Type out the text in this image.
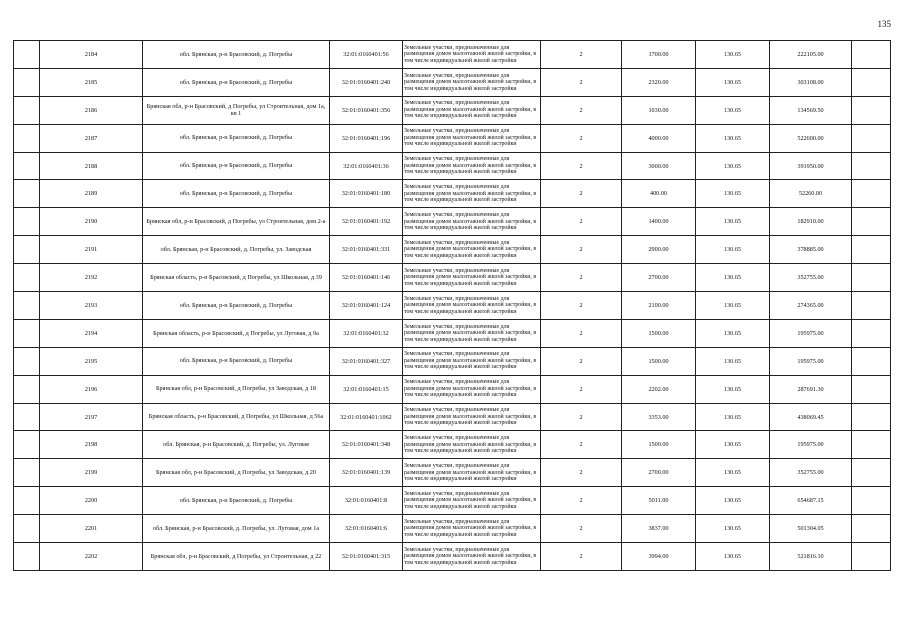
135
	2184	обл. Брянская, р-н Брасовский, д. Погребы	32:01:0160401:56	Земельные участки, предназначенные для размещения домов малоэтажной жилой застройки, в том числе индивидуальной жилой застройки	2	1700.00	130.65	222105.00	
	2185	обл. Брянская, р-н Брасовский, д. Погребы	32:01:0160401:240	Земельные участки, предназначенные для размещения домов малоэтажной жилой застройки, в том числе индивидуальной жилой застройки	2	2320.00	130.65	303108.00	
	2186	Брянская обл, р-н Брасовский, д Погребы, ул Строительная, дом 1а, кв 1	32:01:0160401:356	Земельные участки, предназначенные для размещения домов малоэтажной жилой застройки, в том числе индивидуальной жилой застройки	2	1030.00	130.65	134569.50	
	2187	обл. Брянская, р-н Брасовский, д. Погребы	32:01:0160401:196	Земельные участки, предназначенные для размещения домов малоэтажной жилой застройки, в том числе индивидуальной жилой застройки	2	4000.00	130.65	522600.00	
	2188	обл. Брянская, р-н Брасовский, д. Погребы	32:01:0160401:36	Земельные участки, предназначенные для размещения домов малоэтажной жилой застройки, в том числе индивидуальной жилой застройки	2	3000.00	130.65	391950.00	
	2189	обл. Брянская, р-н Брасовский, д. Погребы	32:01:0160401:180	Земельные участки, предназначенные для размещения домов малоэтажной жилой застройки, в том числе индивидуальной жилой застройки	2	400.00	130.65	52260.00	
	2190	Брянская обл, р-н Брасовский, д Погребы, ул Строительная, дом 2-а	32:01:0160401:192	Земельные участки, предназначенные для размещения домов малоэтажной жилой застройки, в том числе индивидуальной жилой застройки	2	1400.00	130.65	182910.00	
	2191	обл. Брянская, р-н Брасовский, д. Погребы, ул. Заводская	32:01:0160401:331	Земельные участки, предназначенные для размещения домов малоэтажной жилой застройки, в том числе индивидуальной жилой застройки	2	2900.00	130.65	378885.00	
	2192	Брянская область, р-н Брасовский, д Погребы, ул Школьная, д 39	32:01:0160401:146	Земельные участки, предназначенные для размещения домов малоэтажной жилой застройки, в том числе индивидуальной жилой застройки	2	2700.00	130.65	352755.00	
	2193	обл. Брянская, р-н Брасовский, д. Погребы	32:01:0160401:124	Земельные участки, предназначенные для размещения домов малоэтажной жилой застройки, в том числе индивидуальной жилой застройки	2	2100.00	130.65	274365.00	
	2194	Брянская область, р-н Брасовский, д Погребы, ул Луговая, д 9а	32:01:0160401:32	Земельные участки, предназначенные для размещения домов малоэтажной жилой застройки, в том числе индивидуальной жилой застройки	2	1500.00	130.65	195975.00	
	2195	обл. Брянская, р-н Брасовский, д. Погребы	32:01:0160401:327	Земельные участки, предназначенные для размещения домов малоэтажной жилой застройки, в том числе индивидуальной жилой застройки	2	1500.00	130.65	195975.00	
	2196	Брянская обл, р-н Брасовский, д Погребы, ул Заводская, д 18	32:01:0160401:15	Земельные участки, предназначенные для размещения домов малоэтажной жилой застройки, в том числе индивидуальной жилой застройки	2	2202.00	130.65	287691.30	
	2197	Брянская область, р-н Брасовский, д Погребы, ул Школьная, д 56а	32:01:0160401:1062	Земельные участки, предназначенные для размещения домов малоэтажной жилой застройки, в том числе индивидуальной жилой застройки	2	3353.00	130.65	438069.45	
	2198	обл. Брянская, р-н Брасовский, д. Погребы, ул. Луговая	32:01:0160401:348	Земельные участки, предназначенные для размещения домов малоэтажной жилой застройки, в том числе индивидуальной жилой застройки	2	1500.00	130.65	195975.00	
	2199	Брянская обл, р-н Брасовский, д Погребы, ул Заводская, д 20	32:01:0160401:139	Земельные участки, предназначенные для размещения домов малоэтажной жилой застройки, в том числе индивидуальной жилой застройки	2	2700.00	130.65	352755.00	
	2200	обл. Брянская, р-н Брасовский, д. Погребы	32:01:0160401:8	Земельные участки, предназначенные для размещения домов малоэтажной жилой застройки, в том числе индивидуальной жилой застройки	2	5011.00	130.65	654687.15	
	2201	обл. Брянская, р-н Брасовский, д. Погребы, ул. Луговая, дом 1а	32:01:0160401:6	Земельные участки, предназначенные для размещения домов малоэтажной жилой застройки, в том числе индивидуальной жилой застройки	2	3837.00	130.65	501304.05	
	2202	Брянская обл, р-н Брасовский, д Погребы, ул Строительная, д 22	32:01:0160401:315	Земельные участки, предназначенные для размещения домов малоэтажной жилой застройки, в том числе индивидуальной жилой застройки	2	3994.00	130.65	521816.10	
